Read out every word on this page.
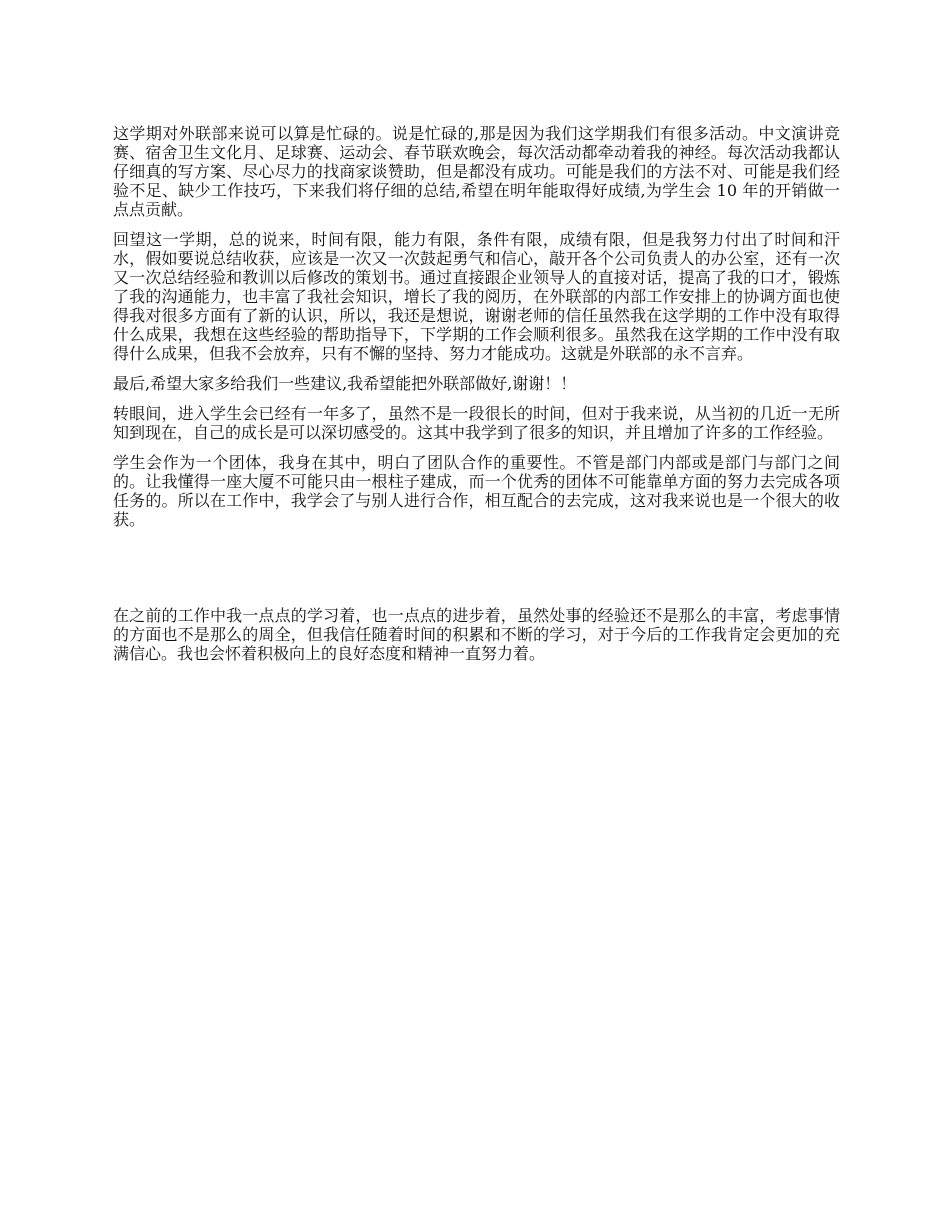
这学期对外联部来说可以算是忙碌的。说是忙碌的,那是因为我们这学期我们有很多活动。中文演讲竞赛、宿舍卫生文化月、足球赛、运动会、春节联欢晚会，每次活动都牵动着我的神经。每次活动我都认仔细真的写方案、尽心尽力的找商家谈赞助，但是都没有成功。可能是我们的方法不对、可能是我们经验不足、缺少工作技巧，下来我们将仔细的总结,希望在明年能取得好成绩,为学生会 10 年的开销做一点点贡献。

回望这一学期，总的说来，时间有限，能力有限，条件有限，成绩有限，但是我努力付出了时间和汗水，假如要说总结收获，应该是一次又一次鼓起勇气和信心，敲开各个公司负责人的办公室，还有一次又一次总结经验和教训以后修改的策划书。通过直接跟企业领导人的直接对话，提高了我的口才，锻炼了我的沟通能力，也丰富了我社会知识，增长了我的阅历，在外联部的内部工作安排上的协调方面也使得我对很多方面有了新的认识，所以，我还是想说，谢谢老师的信任虽然我在这学期的工作中没有取得什么成果，我想在这些经验的帮助指导下，下学期的工作会顺利很多。虽然我在这学期的工作中没有取得什么成果，但我不会放弃，只有不懈的坚持、努力才能成功。这就是外联部的永不言弃。

最后,希望大家多给我们一些建议,我希望能把外联部做好,谢谢！！

转眼间，进入学生会已经有一年多了，虽然不是一段很长的时间，但对于我来说，从当初的几近一无所知到现在，自己的成长是可以深切感受的。这其中我学到了很多的知识，并且增加了许多的工作经验。

学生会作为一个团体，我身在其中，明白了团队合作的重要性。不管是部门内部或是部门与部门之间的。让我懂得一座大厦不可能只由一根柱子建成，而一个优秀的团体不可能靠单方面的努力去完成各项任务的。所以在工作中，我学会了与别人进行合作，相互配合的去完成，这对我来说也是一个很大的收获。

在之前的工作中我一点点的学习着，也一点点的进步着，虽然处事的经验还不是那么的丰富，考虑事情的方面也不是那么的周全，但我信任随着时间的积累和不断的学习，对于今后的工作我肯定会更加的充满信心。我也会怀着积极向上的良好态度和精神一直努力着。
